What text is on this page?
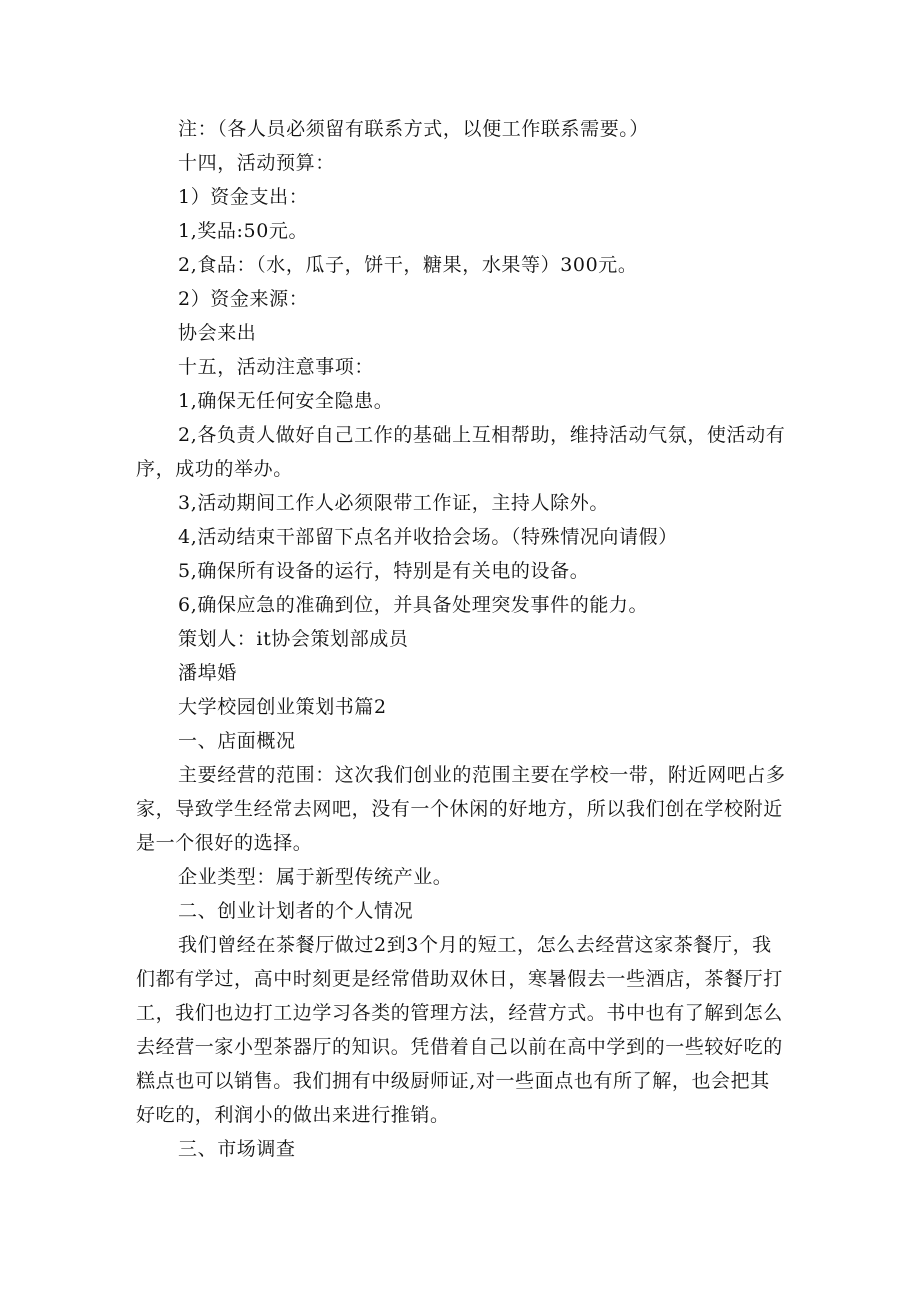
注：（各人员必须留有联系方式，以便工作联系需要。）

十四，活动预算：

1）资金支出：

1,奖品:50元。

2,食品：（水，瓜子，饼干，糖果，水果等）300元。

2）资金来源：

协会来出

十五，活动注意事项：

1,确保无任何安全隐患。

2,各负责人做好自己工作的基础上互相帮助，维持活动气氛，使活动有序，成功的举办。

3,活动期间工作人必须限带工作证，主持人除外。

4,活动结束干部留下点名并收拾会场。（特殊情况向请假）

5,确保所有设备的运行，特别是有关电的设备。

6,确保应急的准确到位，并具备处理突发事件的能力。

策划人：it协会策划部成员

潘埠婚

大学校园创业策划书篇2

一、店面概况

主要经营的范围：这次我们创业的范围主要在学校一带，附近网吧占多家，导致学生经常去网吧，没有一个休闲的好地方，所以我们创在学校附近是一个很好的选择。

企业类型：属于新型传统产业。

二、创业计划者的个人情况

我们曾经在茶餐厅做过2到3个月的短工，怎么去经营这家茶餐厅，我们都有学过，高中时刻更是经常借助双休日，寒暑假去一些酒店，茶餐厅打工，我们也边打工边学习各类的管理方法，经营方式。书中也有了解到怎么去经营一家小型茶器厅的知识。凭借着自己以前在高中学到的一些较好吃的糕点也可以销售。我们拥有中级厨师证,对一些面点也有所了解，也会把其好吃的，利润小的做出来进行推销。

三、市场调查
